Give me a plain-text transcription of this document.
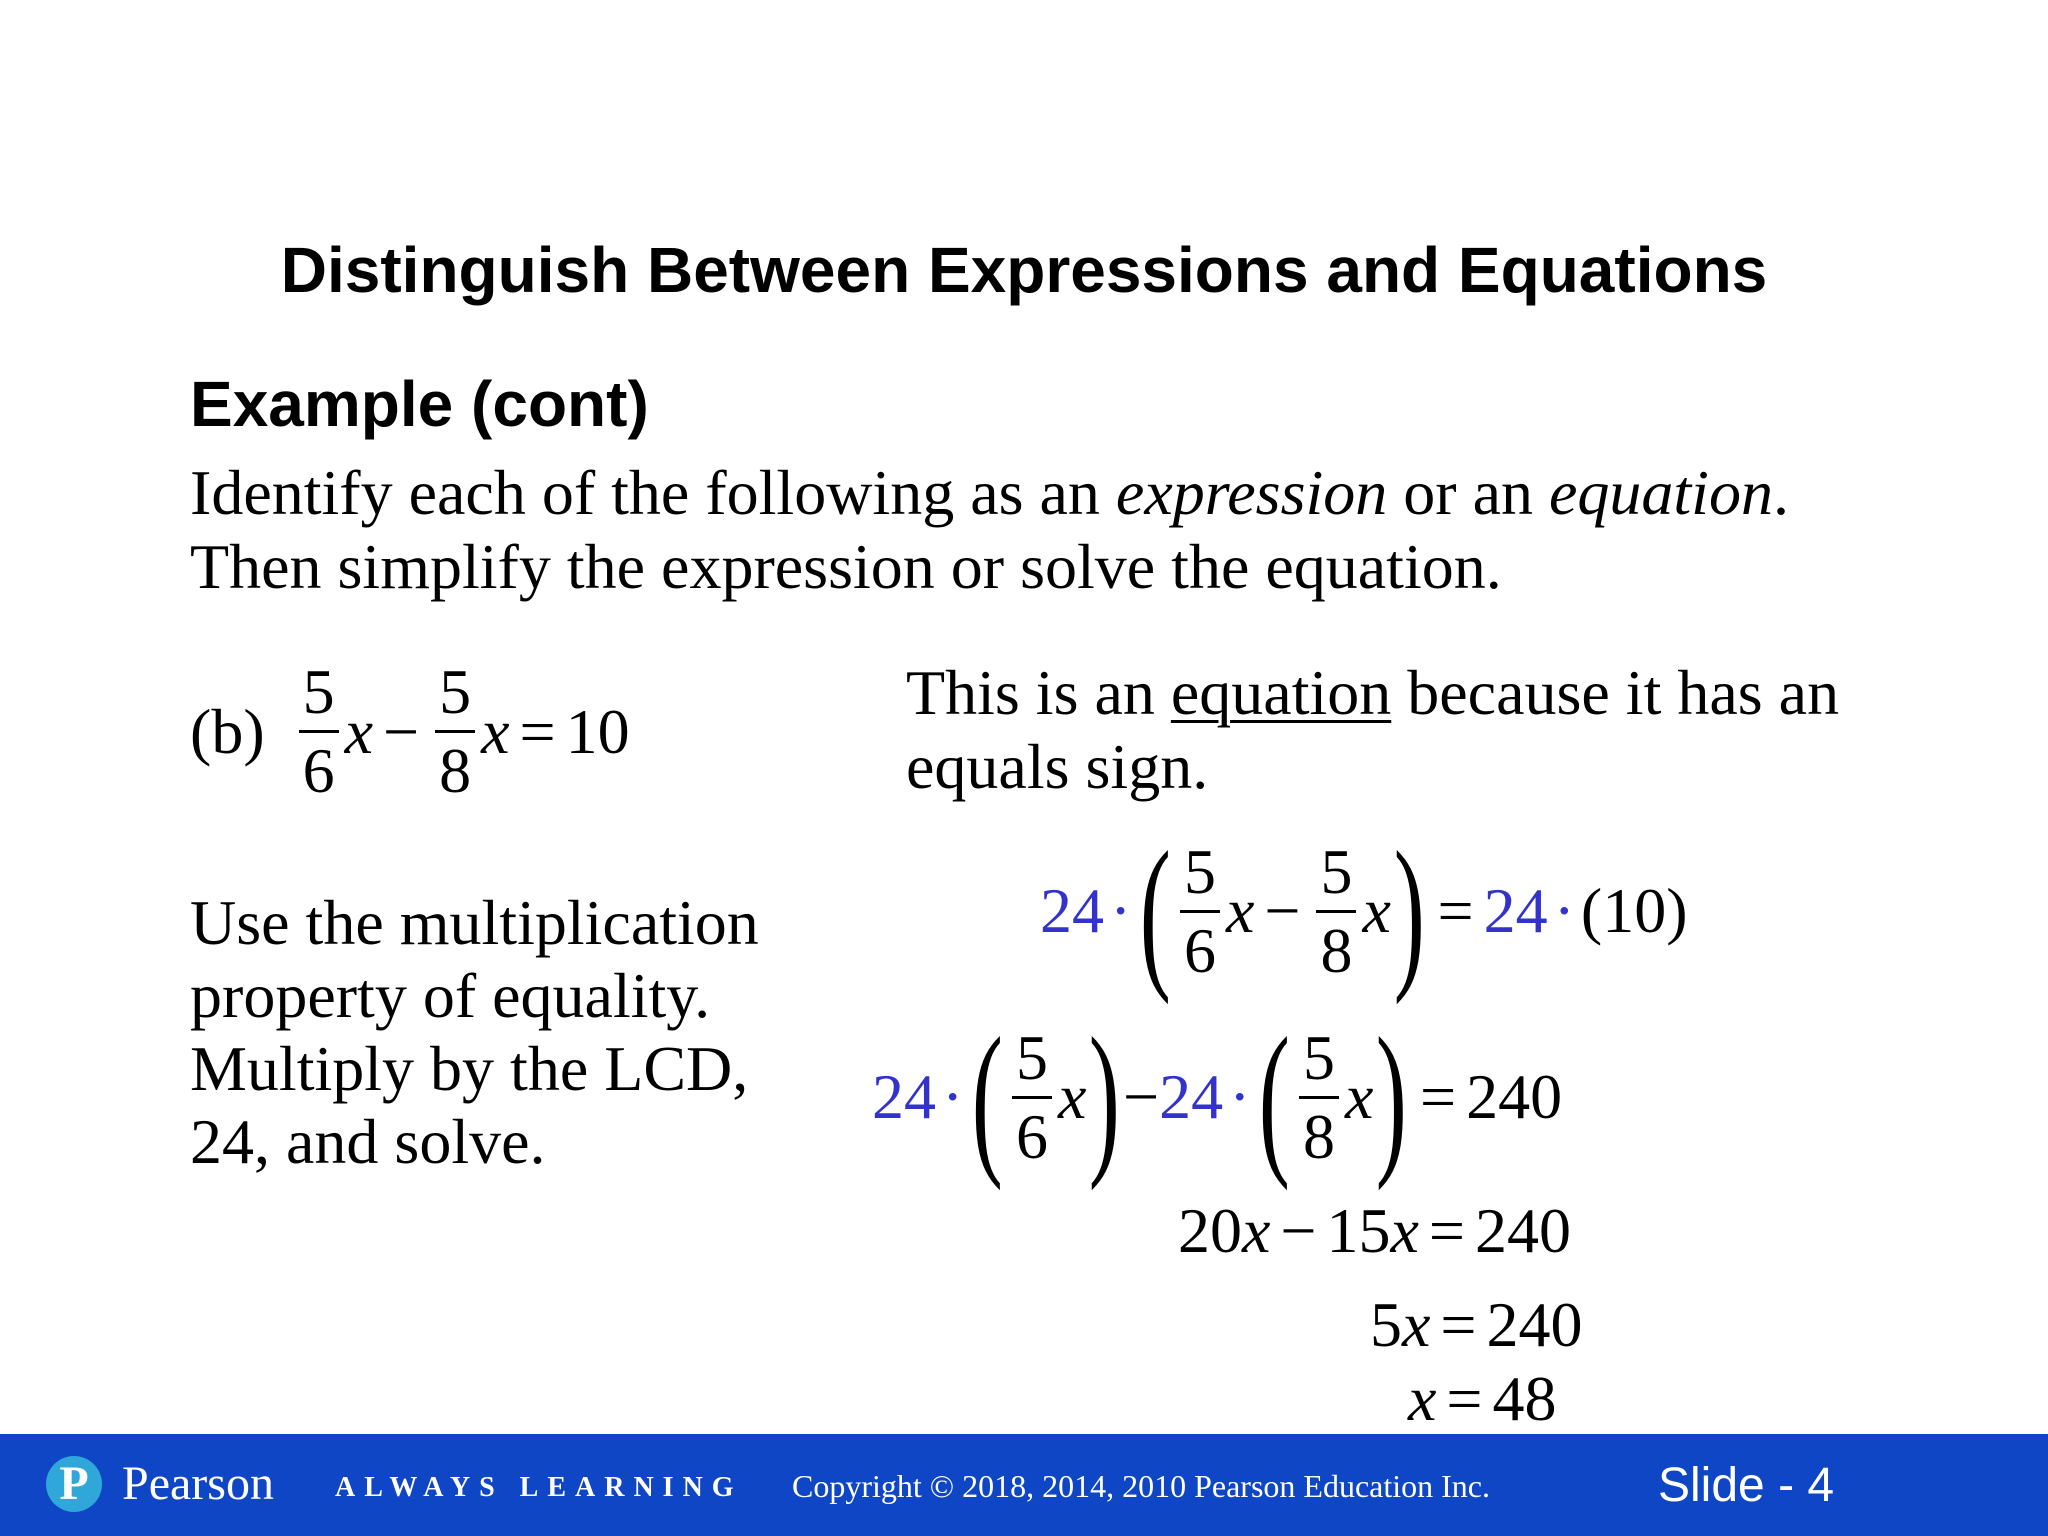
Distinguish Between Expressions and Equations
Example (cont)
Identify each of the following as an expression or an equation.
Then simplify the expression or solve the equation.
$(b) \frac{5}{6}$ $x - \frac{5}{8}$ x = 10
This is an equation because it has an
equals sign.
Use the multiplication
property of equality.
Multiply by the LCD,
24, and solve.
24 · ( $\frac{5}{6}$ $x - \frac{5}{8}$ x ) = 24 · (10)
24 · ( $\frac{5}{6}$ x ) − 24 · ( $\frac{5}{8}$ x ) = 240
20x − 15x = 240
5x = 240
x = 48
P Pearson ALWAYS LEARNING Copyright © 2018, 2014, 2010 Pearson Education Inc.	Slide - 4
